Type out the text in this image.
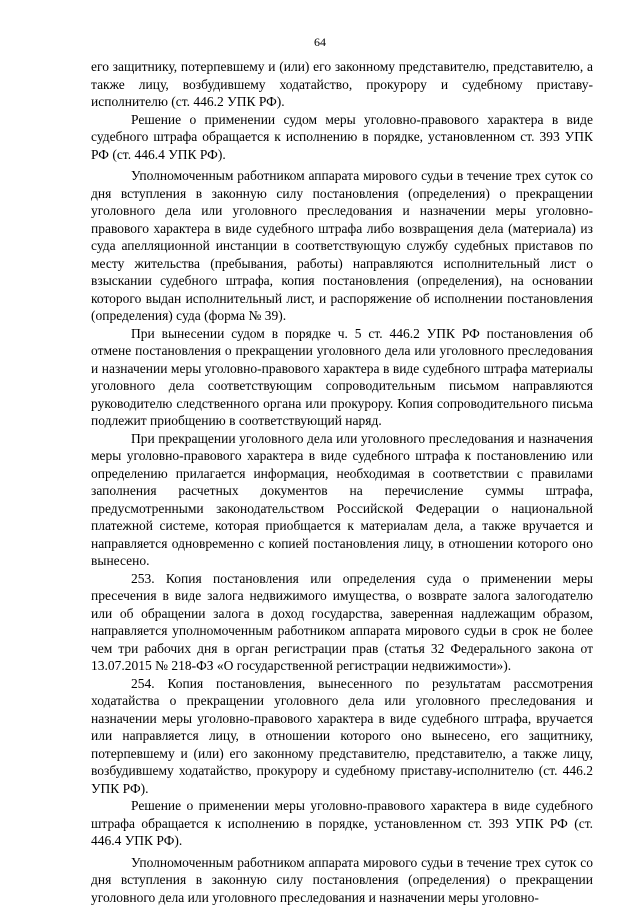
64

его защитнику, потерпевшему и (или) его законному представителю, представителю, а также лицу, возбудившему ходатайство, прокурору и судебному приставу-исполнителю (ст. 446.2 УПК РФ).

Решение о применении судом меры уголовно-правового характера в виде судебного штрафа обращается к исполнению в порядке, установленном ст. 393 УПК РФ (ст. 446.4 УПК РФ).

Уполномоченным работником аппарата мирового судьи в течение трех суток со дня вступления в законную силу постановления (определения) о прекращении уголовного дела или уголовного преследования и назначении меры уголовно-правового характера в виде судебного штрафа либо возвращения дела (материала) из суда апелляционной инстанции в соответствующую службу судебных приставов по месту жительства (пребывания, работы) направляются исполнительный лист о взыскании судебного штрафа, копия постановления (определения), на основании которого выдан исполнительный лист, и распоряжение об исполнении постановления (определения) суда (форма № 39).

При вынесении судом в порядке ч. 5 ст. 446.2 УПК РФ постановления об отмене постановления о прекращении уголовного дела или уголовного преследования и назначении меры уголовно-правового характера в виде судебного штрафа материалы уголовного дела соответствующим сопроводительным письмом направляются руководителю следственного органа или прокурору. Копия сопроводительного письма подлежит приобщению в соответствующий наряд.

При прекращении уголовного дела или уголовного преследования и назначения меры уголовно-правового характера в виде судебного штрафа к постановлению или определению прилагается информация, необходимая в соответствии с правилами заполнения расчетных документов на перечисление суммы штрафа, предусмотренными законодательством Российской Федерации о национальной платежной системе, которая приобщается к материалам дела, а также вручается и направляется одновременно с копией постановления лицу, в отношении которого оно вынесено.

253. Копия постановления или определения суда о применении меры пресечения в виде залога недвижимого имущества, о возврате залога залогодателю или об обращении залога в доход государства, заверенная надлежащим образом, направляется уполномоченным работником аппарата мирового судьи в срок не более чем три рабочих дня в орган регистрации прав (статья 32 Федерального закона от 13.07.2015 № 218-ФЗ «О государственной регистрации недвижимости»).

254. Копия постановления, вынесенного по результатам рассмотрения ходатайства о прекращении уголовного дела или уголовного преследования и назначении меры уголовно-правового характера в виде судебного штрафа, вручается или направляется лицу, в отношении которого оно вынесено, его защитнику, потерпевшему и (или) его законному представителю, представителю, а также лицу, возбудившему ходатайство, прокурору и судебному приставу-исполнителю (ст. 446.2 УПК РФ).

Решение о применении меры уголовно-правового характера в виде судебного штрафа обращается к исполнению в порядке, установленном ст. 393 УПК РФ (ст. 446.4 УПК РФ).

Уполномоченным работником аппарата мирового судьи в течение трех суток со дня вступления в законную силу постановления (определения) о прекращении уголовного дела или уголовного преследования и назначении меры уголовно-
